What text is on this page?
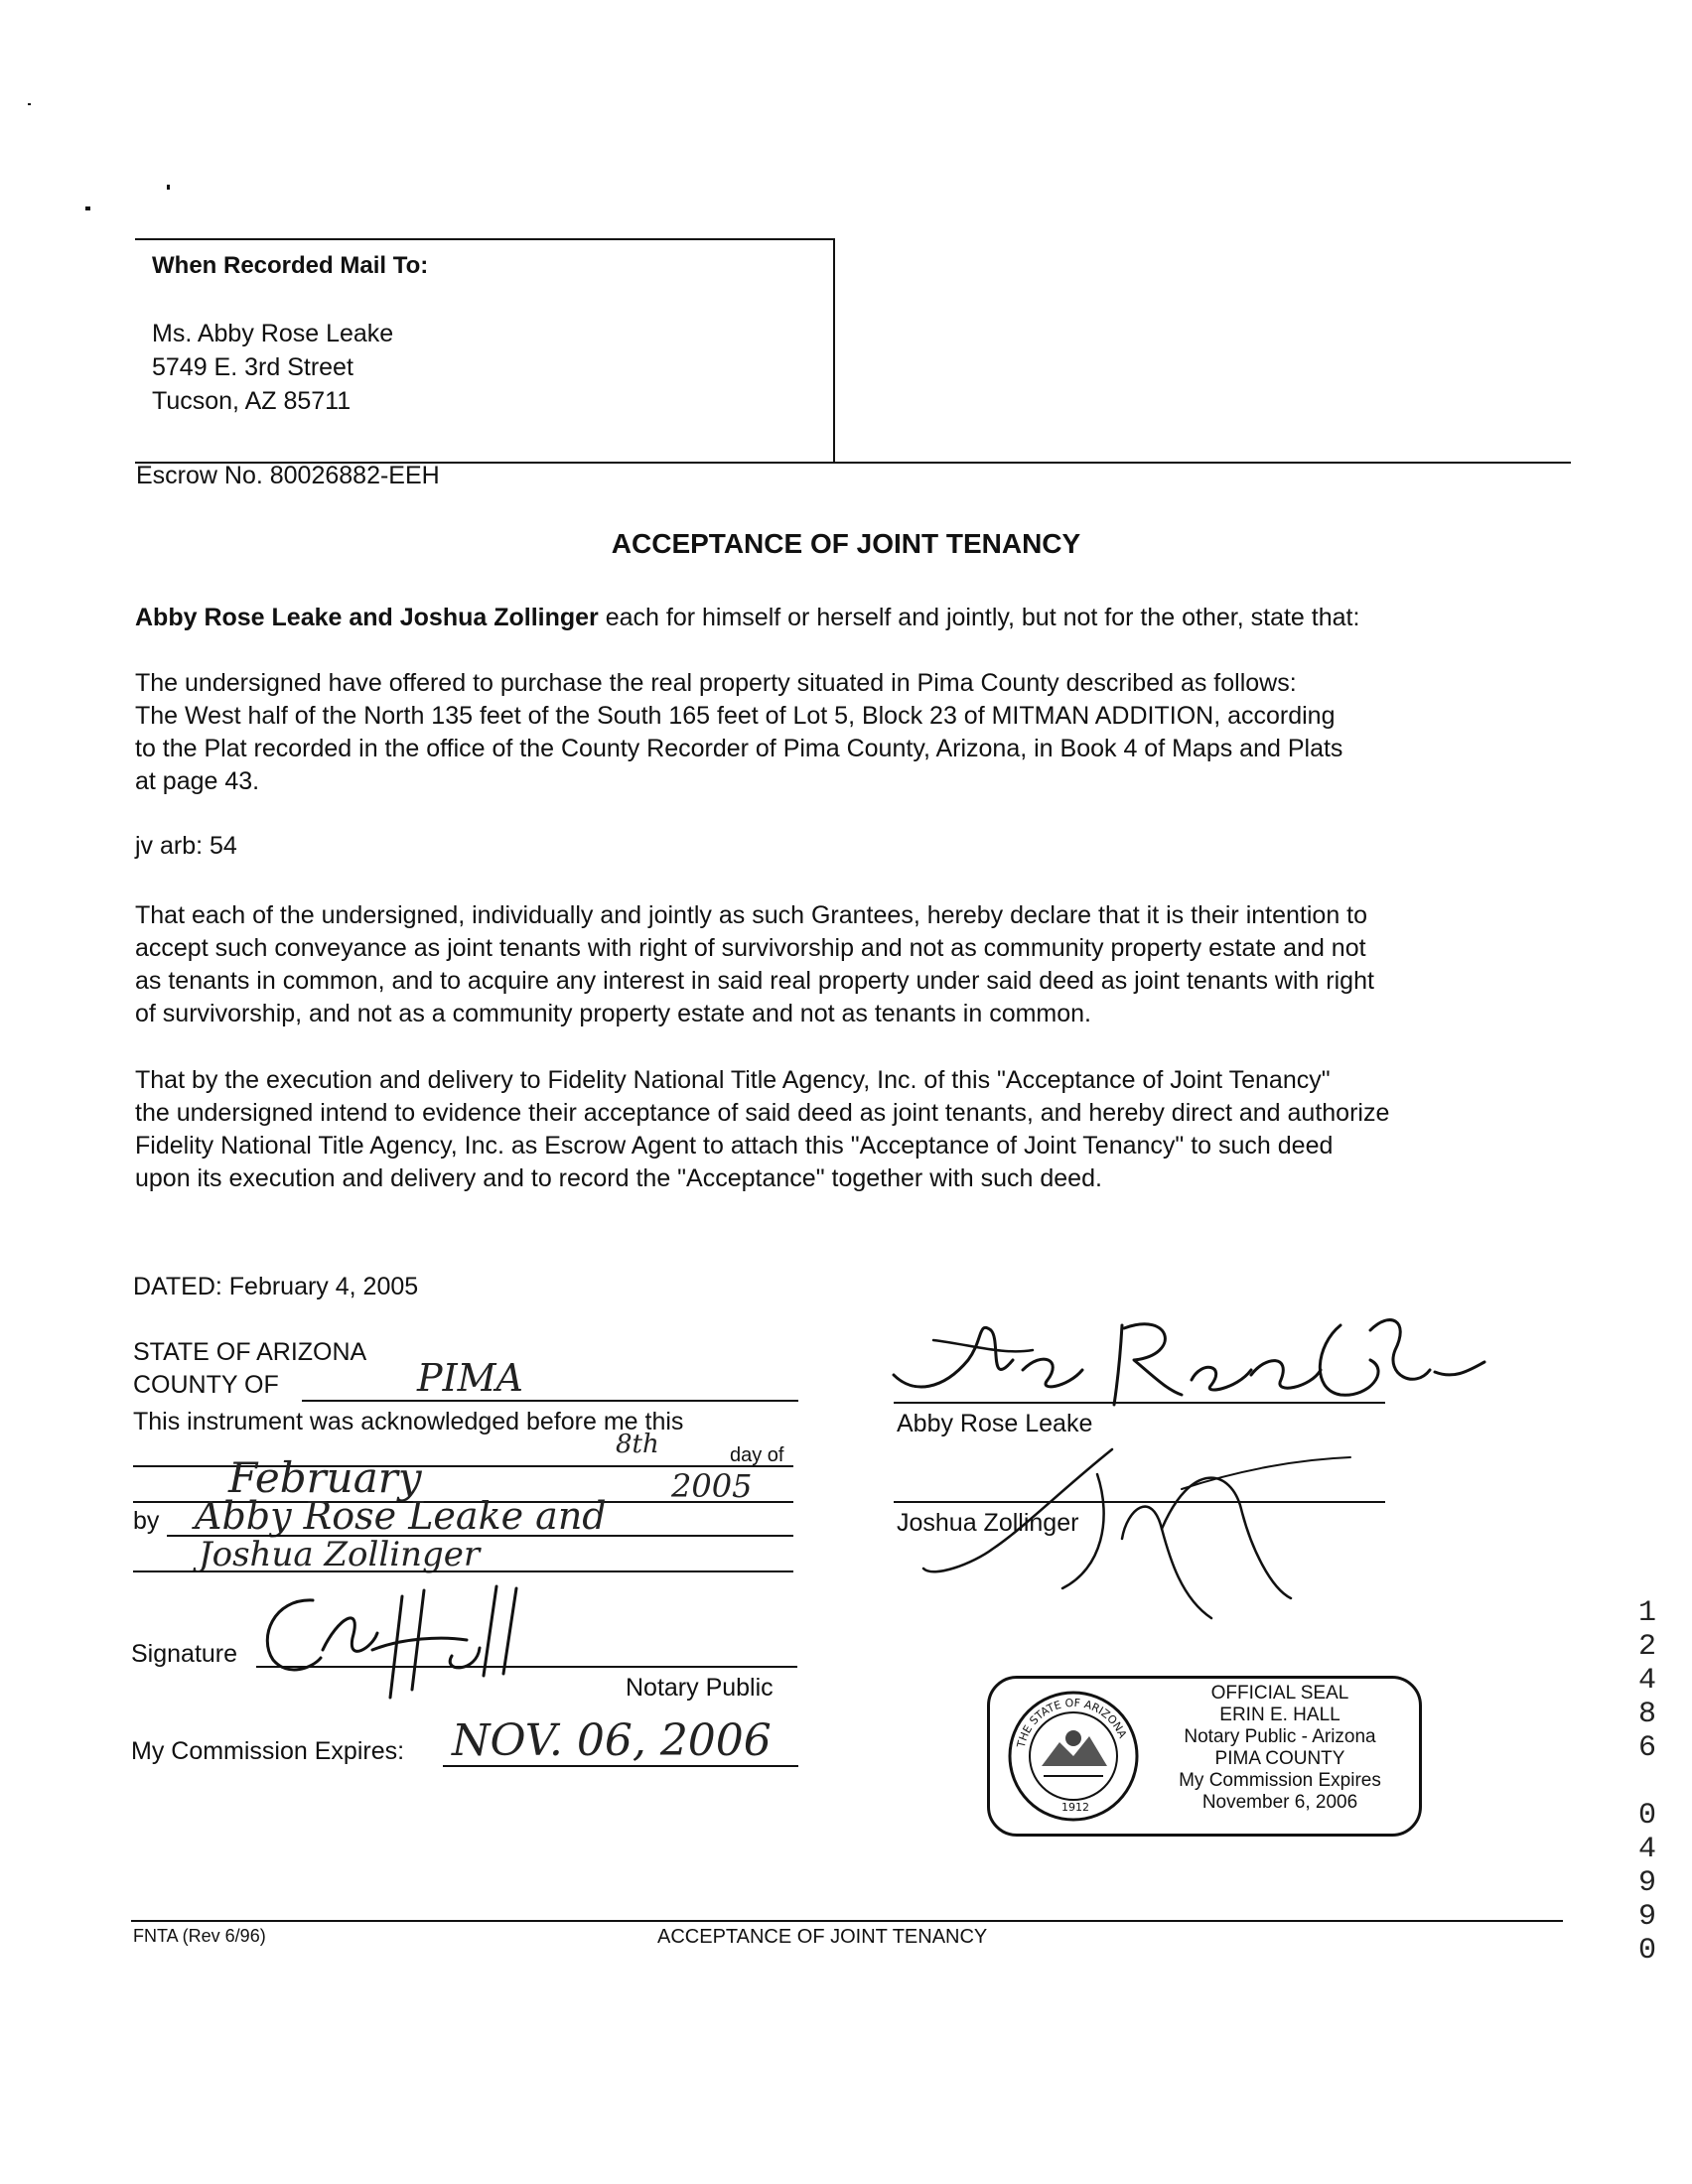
When Recorded Mail To:
Ms. Abby Rose Leake
5749 E. 3rd Street
Tucson, AZ 85711
Escrow No. 80026882-EEH
ACCEPTANCE OF JOINT TENANCY
Abby Rose Leake and Joshua Zollinger each for himself or herself and jointly, but not for the other, state that:
The undersigned have offered to purchase the real property situated in Pima County described as follows:
The West half of the North 135 feet of the South 165 feet of Lot 5, Block 23 of MITMAN ADDITION, according
to the Plat recorded in the office of the County Recorder of Pima County, Arizona, in Book 4 of Maps and Plats
at page 43.
jv arb: 54
That each of the undersigned, individually and jointly as such Grantees, hereby declare that it is their intention to
accept such conveyance as joint tenants with right of survivorship and not as community property estate and not
as tenants in common, and to acquire any interest in said real property under said deed as joint tenants with right
of survivorship, and not as a community property estate and not as tenants in common.
That by the execution and delivery to Fidelity National Title Agency, Inc. of this "Acceptance of Joint Tenancy"
the undersigned intend to evidence their acceptance of said deed as joint tenants, and hereby direct and authorize
Fidelity National Title Agency, Inc. as Escrow Agent to attach this "Acceptance of Joint Tenancy" to such deed
upon its execution and delivery and to record the "Acceptance" together with such deed.
DATED: February 4, 2005
STATE OF ARIZONA
COUNTY OF	PIMA
This instrument was acknowledged before me this
8th	day of
February	2005
by Abby Rose Leake and
Joshua Zollinger
Signature
Notary Public
My Commission Expires: NOV. 06, 2006
Abby Rose Leake
Joshua Zollinger
THE STATE OF ARIZONA
1912
OFFICIAL SEAL
ERIN E. HALL
Notary Public - Arizona
PIMA COUNTY
My Commission Expires
November 6, 2006
1
2
4
8
6
0
4
9
9
0
FNTA (Rev 6/96)	ACCEPTANCE OF JOINT TENANCY
